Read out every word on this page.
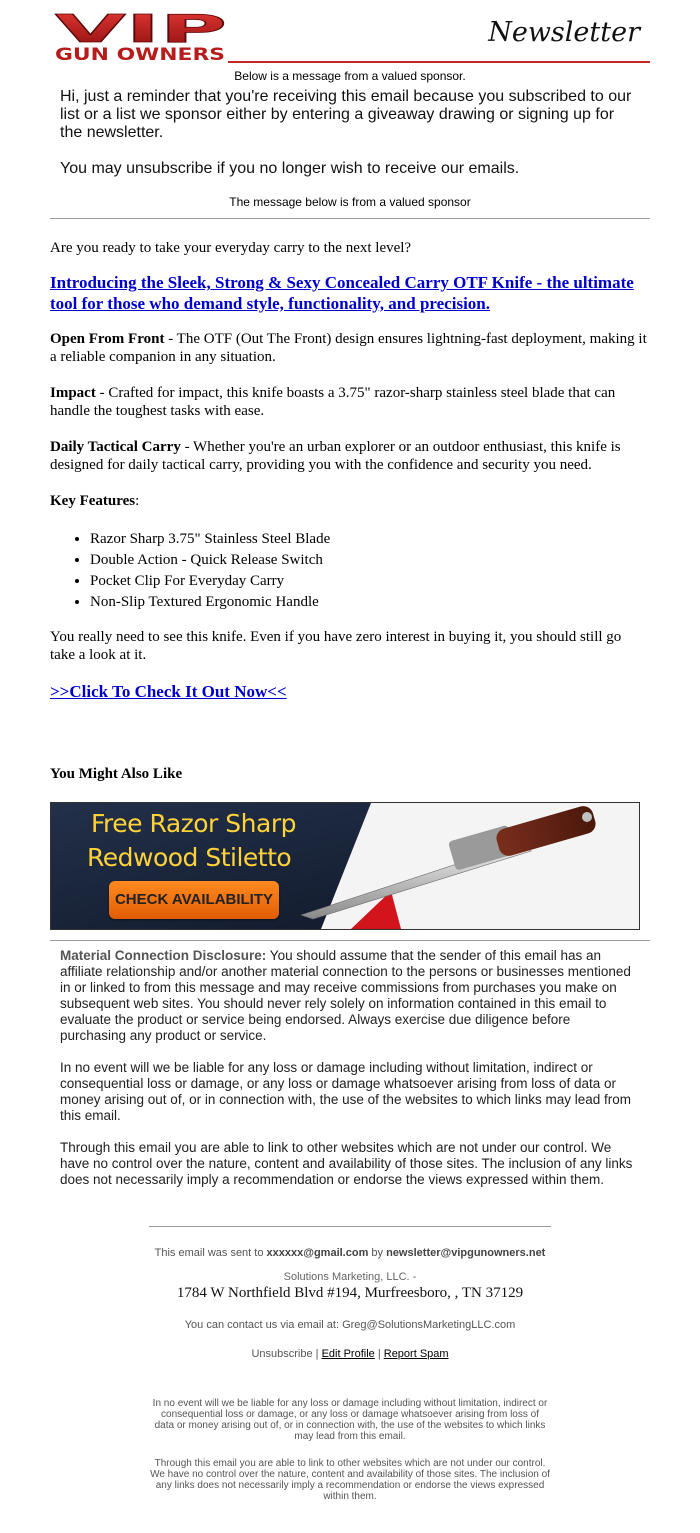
VIP
GUN OWNERS
Newsletter
Below is a message from a valued sponsor.

Hi, just a reminder that you're receiving this email because you subscribed to our list or a list we sponsor either by entering a giveaway drawing or signing up for the newsletter.

You may unsubscribe if you no longer wish to receive our emails.

The message below is from a valued sponsor

Are you ready to take your everyday carry to the next level?

Introducing the Sleek, Strong & Sexy Concealed Carry OTF Knife - the ultimate tool for those who demand style, functionality, and precision.

Open From Front - The OTF (Out The Front) design ensures lightning-fast deployment, making it a reliable companion in any situation.

Impact - Crafted for impact, this knife boasts a 3.75" razor-sharp stainless steel blade that can handle the toughest tasks with ease.

Daily Tactical Carry - Whether you're an urban explorer or an outdoor enthusiast, this knife is designed for daily tactical carry, providing you with the confidence and security you need.

Key Features:

• Razor Sharp 3.75" Stainless Steel Blade
• Double Action - Quick Release Switch
• Pocket Clip For Everyday Carry
• Non-Slip Textured Ergonomic Handle

You really need to see this knife. Even if you have zero interest in buying it, you should still go take a look at it.

>>Click To Check It Out Now<<

You Might Also Like

Free Razor Sharp
Redwood Stiletto
CHECK AVAILABILITY

Material Connection Disclosure: You should assume that the sender of this email has an affiliate relationship and/or another material connection to the persons or businesses mentioned in or linked to from this message and may receive commissions from purchases you make on subsequent web sites. You should never rely solely on information contained in this email to evaluate the product or service being endorsed. Always exercise due diligence before purchasing any product or service.

In no event will we be liable for any loss or damage including without limitation, indirect or consequential loss or damage, or any loss or damage whatsoever arising from loss of data or money arising out of, or in connection with, the use of the websites to which links may lead from this email.

Through this email you are able to link to other websites which are not under our control. We have no control over the nature, content and availability of those sites. The inclusion of any links does not necessarily imply a recommendation or endorse the views expressed within them.

This email was sent to xxxxxx@gmail.com by newsletter@vipgunowners.net
Solutions Marketing, LLC. -
1784 W Northfield Blvd #194, Murfreesboro, , TN 37129
You can contact us via email at: Greg@SolutionsMarketingLLC.com
Unsubscribe | Edit Profile | Report Spam
In no event will we be liable for any loss or damage including without limitation, indirect or consequential loss or damage, or any loss or damage whatsoever arising from loss of data or money arising out of, or in connection with, the use of the websites to which links may lead from this email.
Through this email you are able to link to other websites which are not under our control. We have no control over the nature, content and availability of those sites. The inclusion of any links does not necessarily imply a recommendation or endorse the views expressed within them.
